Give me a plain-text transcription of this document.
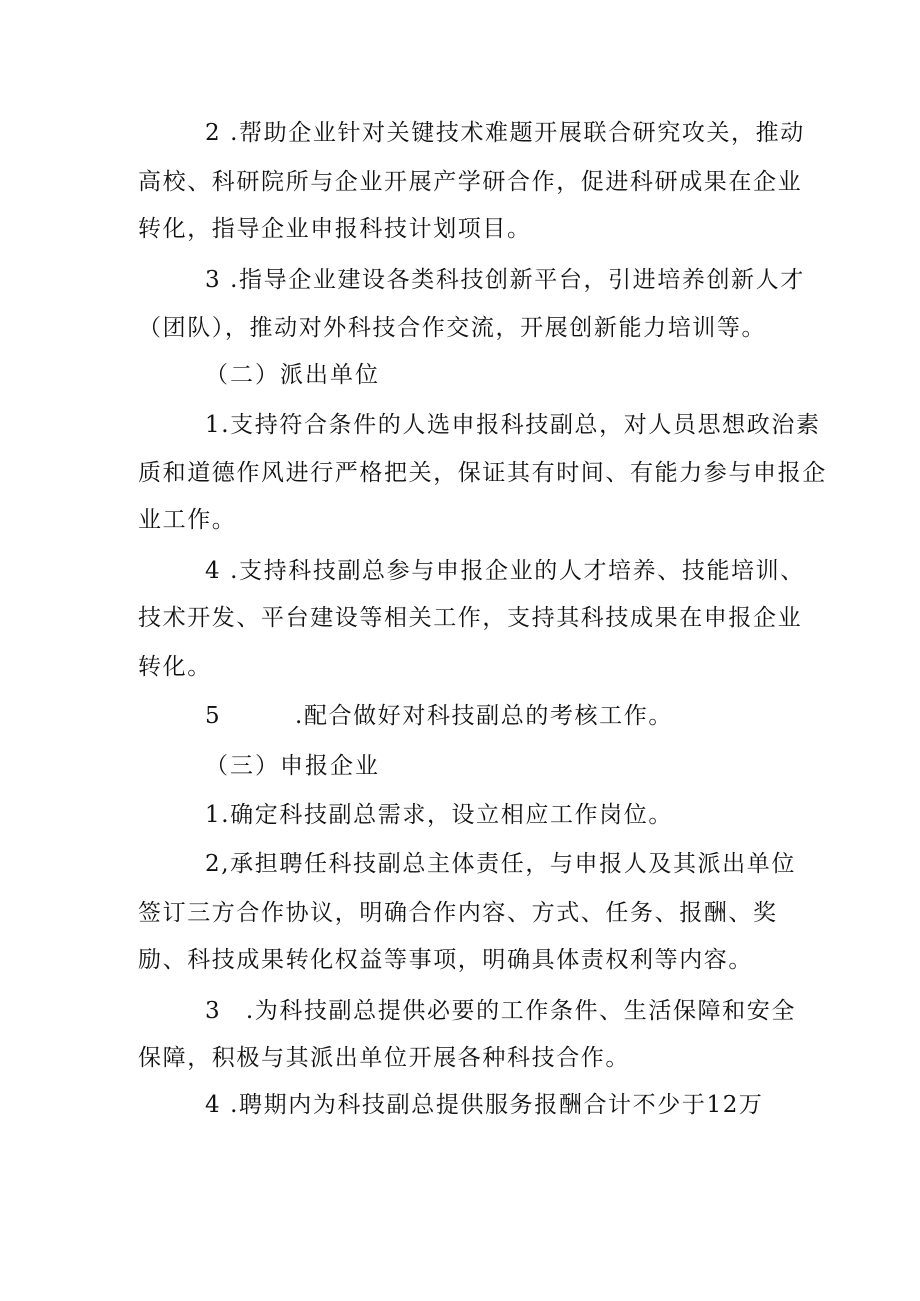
2 .帮助企业针对关键技术难题开展联合研究攻关，推动
高校、科研院所与企业开展产学研合作，促进科研成果在企业
转化，指导企业申报科技计划项目。
3 .指导企业建设各类科技创新平台，引进培养创新人才
（团队），推动对外科技合作交流，开展创新能力培训等。
（二）派出单位
1.支持符合条件的人选申报科技副总，对人员思想政治素
质和道德作风进行严格把关，保证其有时间、有能力参与申报企
业工作。
4 .支持科技副总参与申报企业的人才培养、技能培训、
技术开发、平台建设等相关工作，支持其科技成果在申报企业
转化。
5　　　.配合做好对科技副总的考核工作。
（三）申报企业
1.确定科技副总需求，设立相应工作岗位。
2,承担聘任科技副总主体责任，与申报人及其派出单位
签订三方合作协议，明确合作内容、方式、任务、报酬、奖
励、科技成果转化权益等事项，明确具体责权利等内容。
3　.为科技副总提供必要的工作条件、生活保障和安全
保障，积极与其派出单位开展各种科技合作。
4 .聘期内为科技副总提供服务报酬合计不少于12万
